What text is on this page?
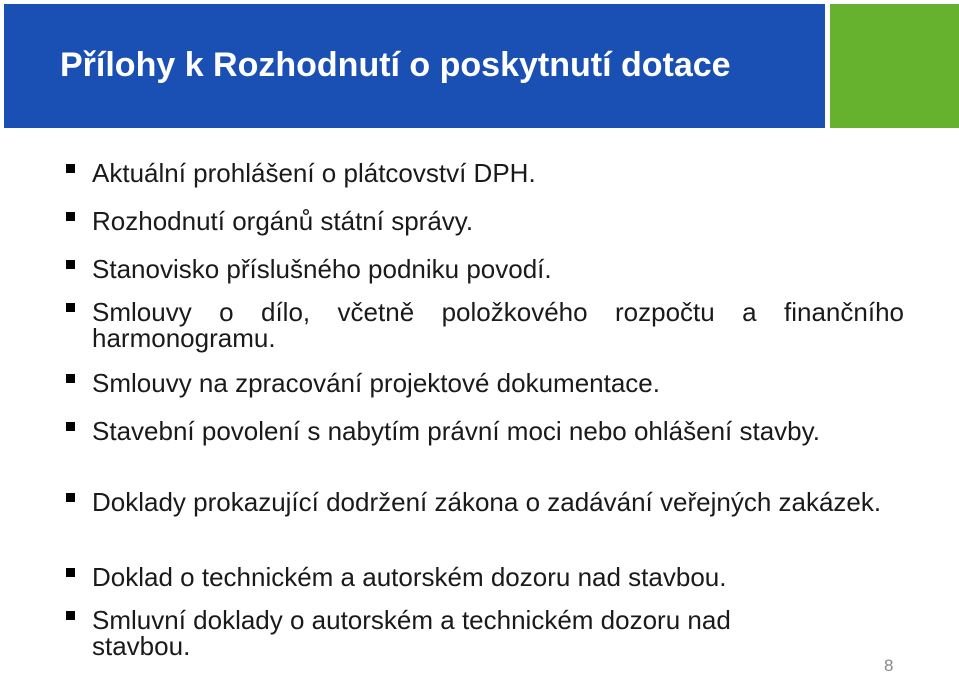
Přílohy k Rozhodnutí o poskytnutí dotace
Aktuální prohlášení o plátcovství DPH.
Rozhodnutí orgánů státní správy.
Stanovisko příslušného podniku povodí.
Smlouvy o dílo, včetně položkového rozpočtu a finančního harmonogramu.
Smlouvy na zpracování projektové dokumentace.
Stavební povolení s nabytím právní moci nebo ohlášení stavby.
Doklady prokazující dodržení zákona o zadávání veřejných zakázek.
Doklad o technickém a autorském dozoru nad stavbou.
Smluvní doklady o autorském a technickém dozoru nad stavbou.
8
